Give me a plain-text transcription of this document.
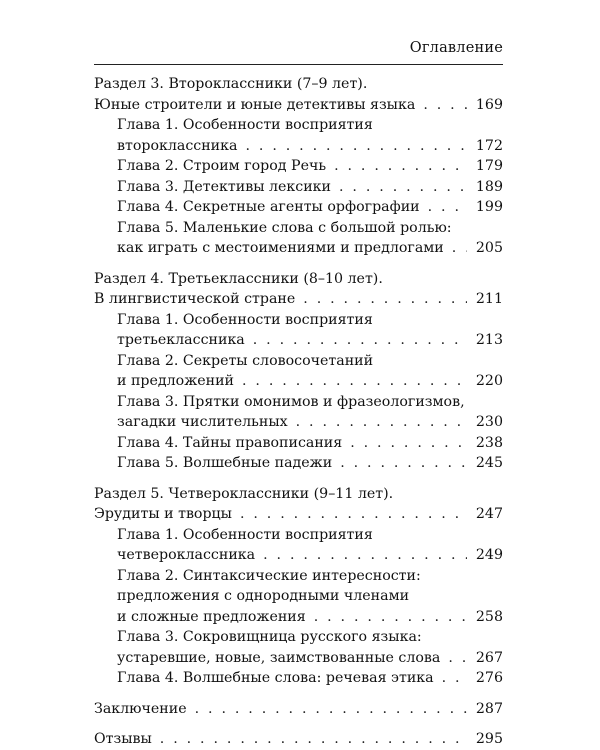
Оглавление
Раздел 3. Второклассники (7–9 лет).
Юные строители и юные детективы языка . . .	169
Глава 1. Особенности восприятия
второклассника . . .	172
Глава 2. Строим город Речь . . .	179
Глава 3. Детективы лексики . . .	189
Глава 4. Секретные агенты орфографии . . .	199
Глава 5. Маленькие слова с большой ролью:
как играть с местоимениями и предлогами . . . 205
Раздел 4. Третьеклассники (8–10 лет).
В лингвистической стране . . .	211
Глава 1. Особенности восприятия
третьеклассника . . .	213
Глава 2. Секреты словосочетаний
и предложений . . .	220
Глава 3. Прятки омонимов и фразеологизмов,
загадки числительных . . .	230
Глава 4. Тайны правописания . . .	238
Глава 5. Волшебные падежи . . .	245
Раздел 5. Четвероклассники (9–11 лет).
Эрудиты и творцы . . .	247
Глава 1. Особенности восприятия
четвероклассника . . .	249
Глава 2. Синтаксические интересности:
предложения с однородными членами
и сложные предложения . . .	258
Глава 3. Сокровищница русского языка:
устаревшие, новые, заимствованные слова . . .	267
Глава 4. Волшебные слова: речевая этика . . .	276
Заключение . . .	287
Отзывы . . .	295
